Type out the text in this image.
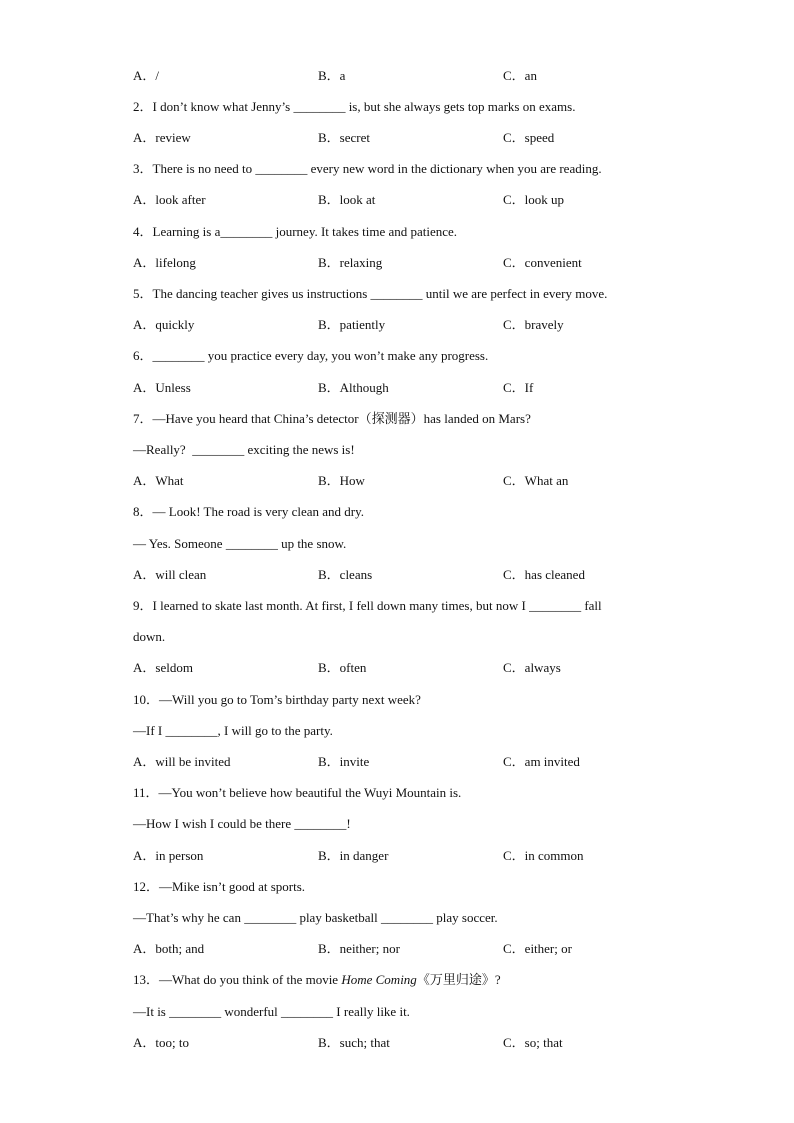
A．/	B．a	C．an
2．I don’t know what Jenny’s ________ is, but she always gets top marks on exams.
A．review	B．secret	C．speed
3．There is no need to ________ every new word in the dictionary when you are reading.
A．look after	B．look at	C．look up
4．Learning is a________ journey. It takes time and patience.
A．lifelong	B．relaxing	C．convenient
5．The dancing teacher gives us instructions ________ until we are perfect in every move.
A．quickly	B．patiently	C．bravely
6．________ you practice every day, you won’t make any progress.
A．Unless	B．Although	C．If
7．—Have you heard that China’s detector（探测器）has landed on Mars?
—Really?  ________ exciting the news is!
A．What	B．How	C．What an
8．— Look! The road is very clean and dry.
— Yes. Someone ________ up the snow.
A．will clean	B．cleans	C．has cleaned
9．I learned to skate last month. At first, I fell down many times, but now I ________ fall
down.
A．seldom	B．often	C．always
10．—Will you go to Tom’s birthday party next week?
—If I ________, I will go to the party.
A．will be invited	B．invite	C．am invited
11．—You won’t believe how beautiful the Wuyi Mountain is.
—How I wish I could be there ________!
A．in person	B．in danger	C．in common
12．—Mike isn’t good at sports.
—That’s why he can ________ play basketball ________ play soccer.
A．both; and	B．neither; nor	C．either; or
13．—What do you think of the movie Home Coming《万里归途》?
—It is ________ wonderful ________ I really like it.
A．too; to	B．such; that	C．so; that
